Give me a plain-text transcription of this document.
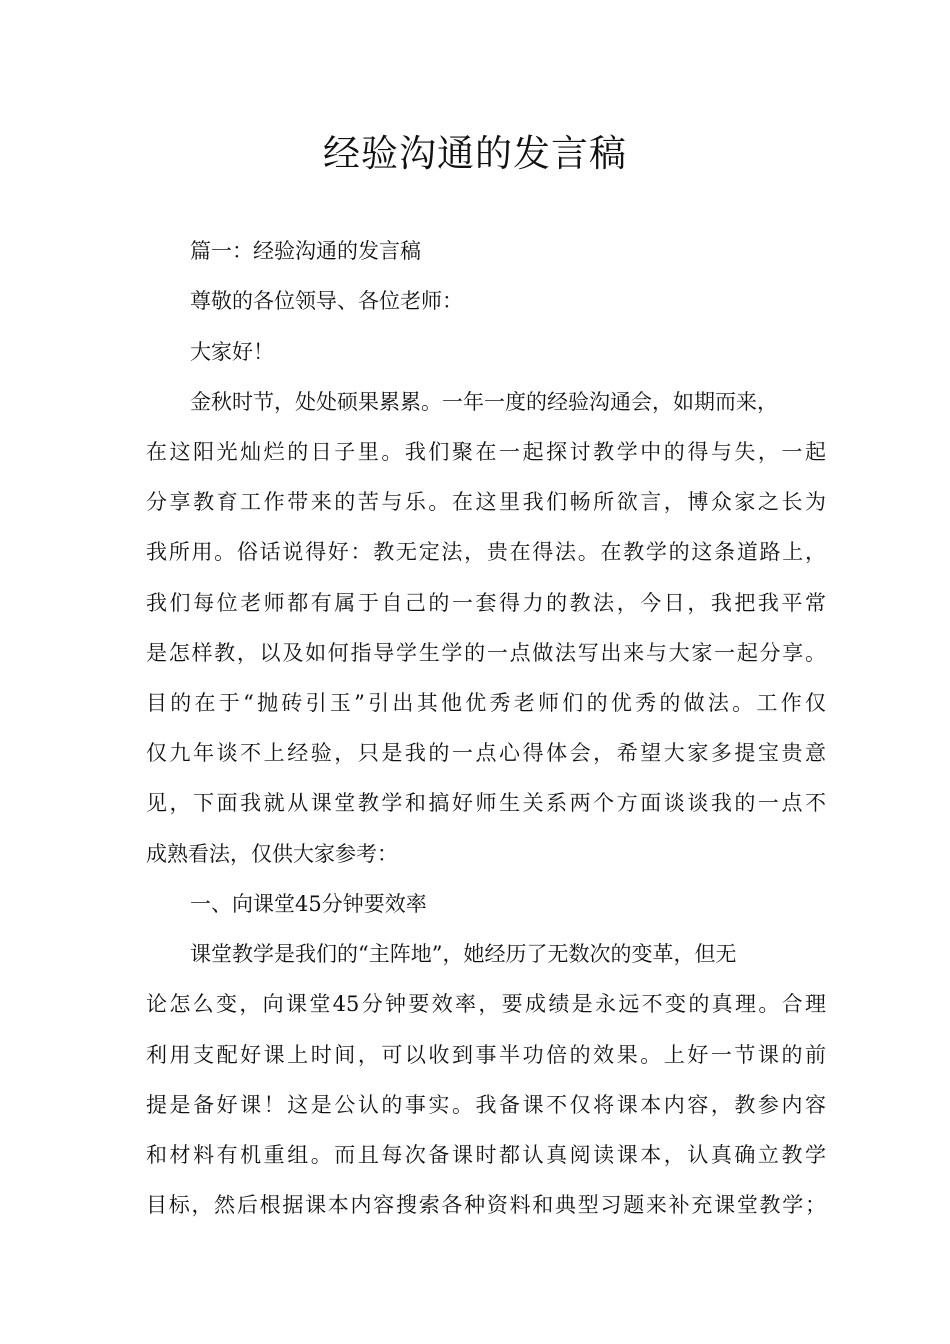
经验沟通的发言稿

篇一：经验沟通的发言稿

尊敬的各位领导、各位老师：

大家好！

金秋时节，处处硕果累累。一年一度的经验沟通会，如期而来，

在这阳光灿烂的日子里。我们聚在一起探讨教学中的得与失，一起

分享教育工作带来的苦与乐。在这里我们畅所欲言，博众家之长为

我所用。俗话说得好：教无定法，贵在得法。在教学的这条道路上，

我们每位老师都有属于自己的一套得力的教法，今日，我把我平常

是怎样教，以及如何指导学生学的一点做法写出来与大家一起分享。

目的在于“抛砖引玉”引出其他优秀老师们的优秀的做法。工作仅

仅九年谈不上经验，只是我的一点心得体会，希望大家多提宝贵意

见，下面我就从课堂教学和搞好师生关系两个方面谈谈我的一点不

成熟看法，仅供大家参考：

一、向课堂45分钟要效率

课堂教学是我们的“主阵地”，她经历了无数次的变革，但无

论怎么变，向课堂45分钟要效率，要成绩是永远不变的真理。合理

利用支配好课上时间，可以收到事半功倍的效果。上好一节课的前

提是备好课！这是公认的事实。我备课不仅将课本内容，教参内容

和材料有机重组。而且每次备课时都认真阅读课本，认真确立教学

目标，然后根据课本内容搜索各种资料和典型习题来补充课堂教学；
